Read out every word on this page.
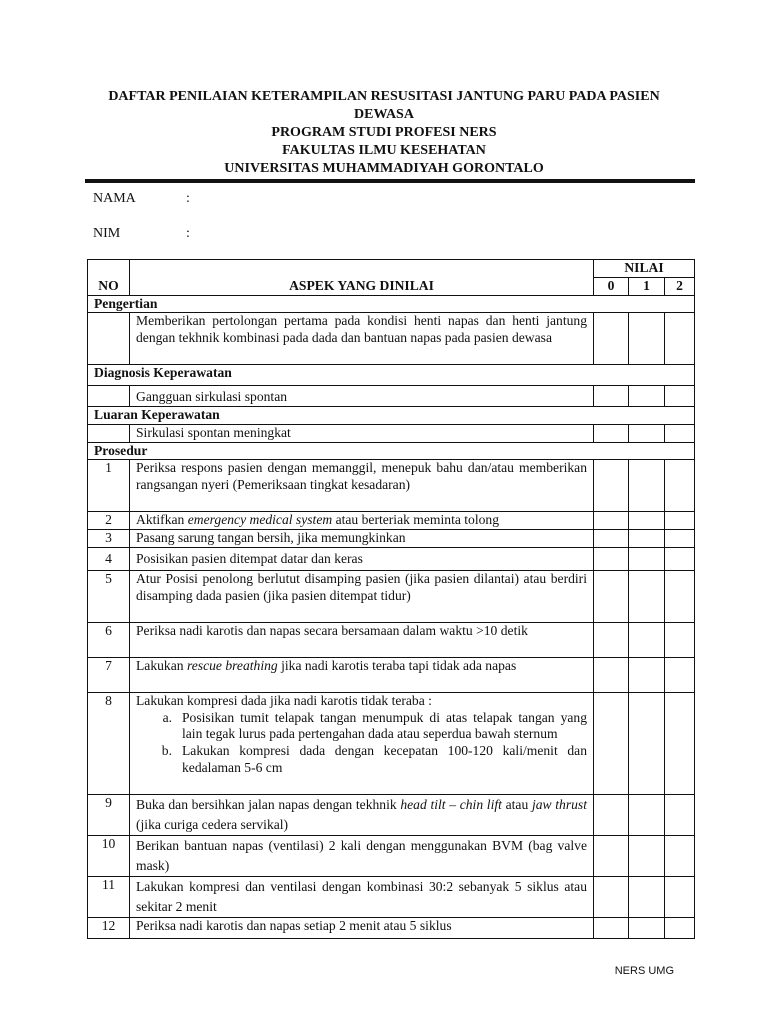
DAFTAR PENILAIAN KETERAMPILAN RESUSITASI JANTUNG PARU PADA PASIEN
DEWASA
PROGRAM STUDI PROFESI NERS
FAKULTAS ILMU KESEHATAN
UNIVERSITAS MUHAMMADIYAH GORONTALO
NAMA	:
NIM	:
NO	ASPEK YANG DINILAI	NILAI		
		0	1	2
Pengertian				
	Memberikan pertolongan pertama pada kondisi henti napas dan henti jantung dengan tekhnik kombinasi pada dada dan bantuan napas pada pasien dewasa			
Diagnosis Keperawatan				
	Gangguan sirkulasi spontan			
Luaran Keperawatan				
	Sirkulasi spontan meningkat			
Prosedur				
1	Periksa respons pasien dengan memanggil, menepuk bahu dan/atau memberikan rangsangan nyeri (Pemeriksaan tingkat kesadaran)			
2	Aktifkan emergency medical system atau berteriak meminta tolong			
3	Pasang sarung tangan bersih, jika memungkinkan			
4	Posisikan pasien ditempat datar dan keras			
5	Atur Posisi penolong berlutut disamping pasien (jika pasien dilantai) atau berdiri disamping dada pasien (jika pasien ditempat tidur)			
6	Periksa nadi karotis dan napas secara bersamaan dalam waktu >10 detik			
7	Lakukan rescue breathing jika nadi karotis teraba tapi tidak ada napas			
8	Lakukan kompresi dada jika nadi karotis tidak teraba :
a. Posisikan tumit telapak tangan menumpuk di atas telapak tangan yang lain tegak lurus pada pertengahan dada atau seperdua bawah sternum
b. Lakukan kompresi dada dengan kecepatan 100-120 kali/menit dan kedalaman 5-6 cm			

9	Buka dan bersihkan jalan napas dengan tekhnik head tilt – chin lift atau jaw thrust (jika curiga cedera servikal)			
10	Berikan bantuan napas (ventilasi) 2 kali dengan menggunakan BVM (bag valve mask)			
11	Lakukan kompresi dan ventilasi dengan kombinasi 30:2 sebanyak 5 siklus atau sekitar 2 menit			
12	Periksa nadi karotis dan napas setiap 2 menit atau 5 siklus			
NERS UMG
